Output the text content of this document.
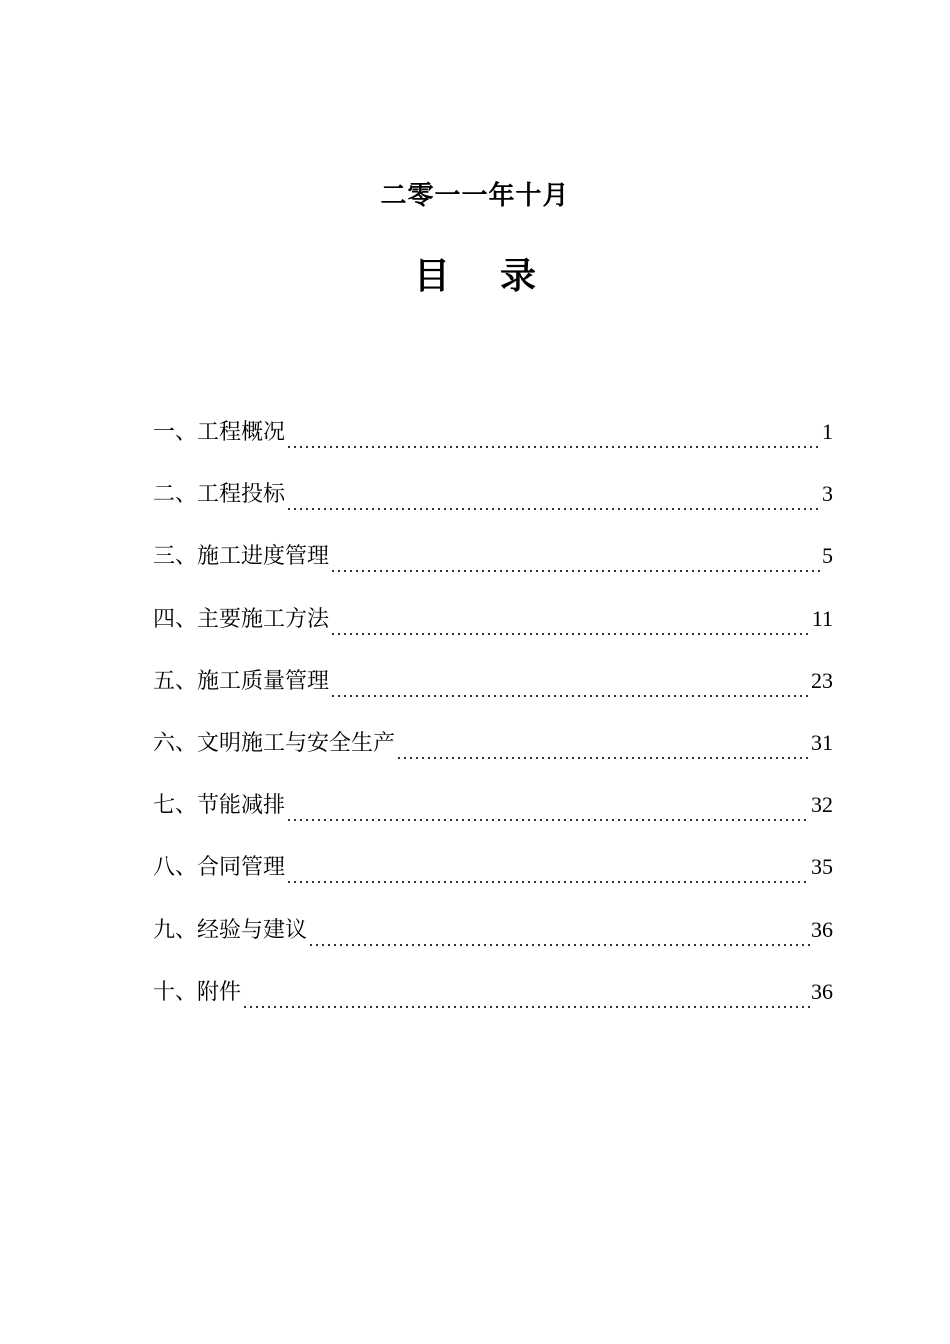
二零一一年十月
目    录
一、工程概况	1
二、工程投标	3
三、施工进度管理	5
四、主要施工方法	11
五、施工质量管理	23
六、文明施工与安全生产	31
七、节能减排	32
八、合同管理	35
九、经验与建议	36
十、附件	36
